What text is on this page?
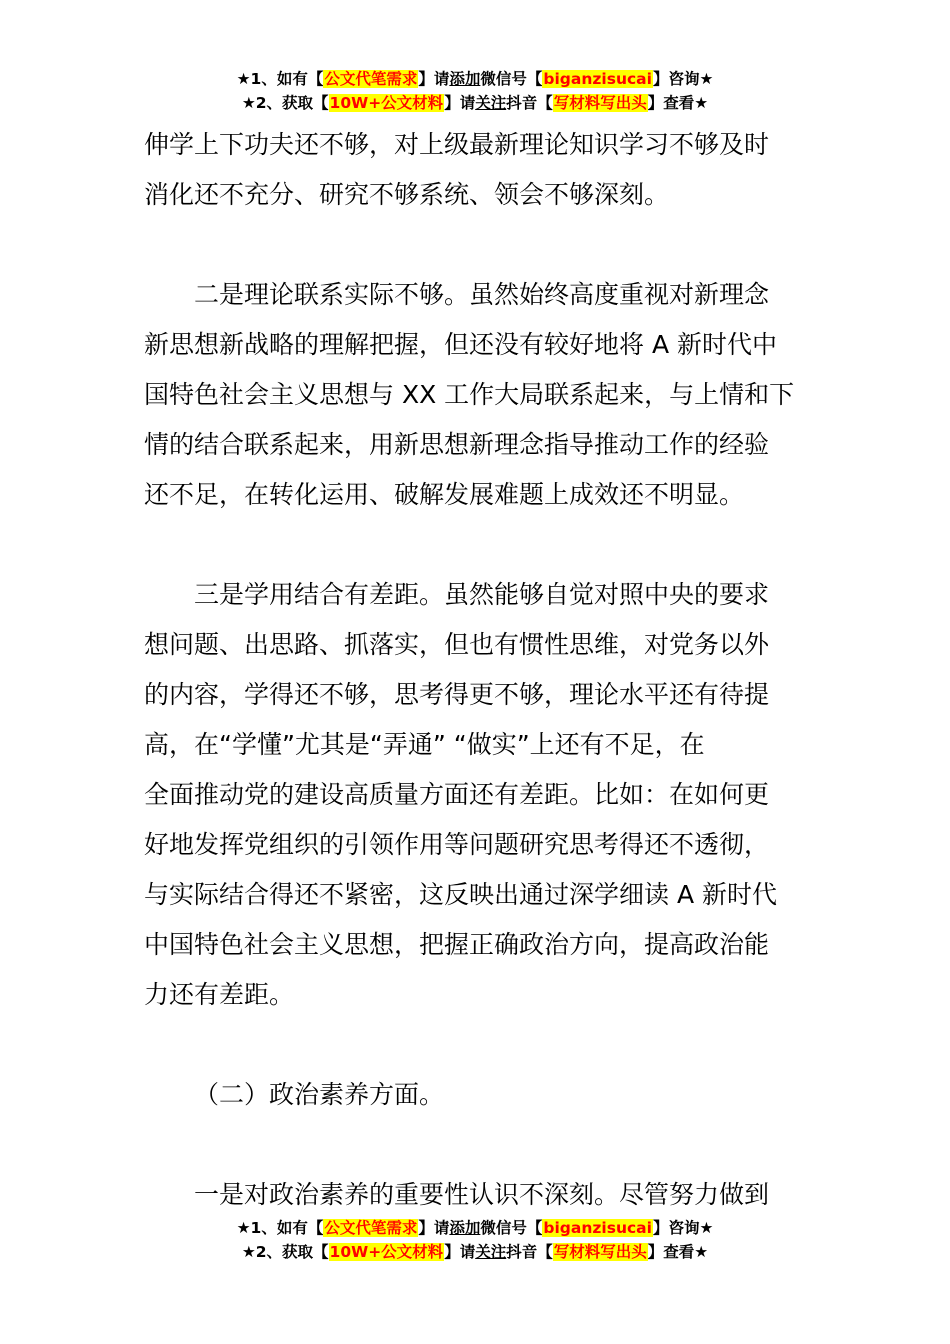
★1、如有【公文代笔需求】请添加微信号【biganzisucai】咨询★
★2、获取【10W+公文材料】请关注抖音【写材料写出头】查看★

伸学上下功夫还不够，对上级最新理论知识学习不够及时
消化还不充分、研究不够系统、领会不够深刻。

二是理论联系实际不够。虽然始终高度重视对新理念
新思想新战略的理解把握，但还没有较好地将 A 新时代中
国特色社会主义思想与 XX 工作大局联系起来，与上情和下
情的结合联系起来，用新思想新理念指导推动工作的经验
还不足，在转化运用、破解发展难题上成效还不明显。

三是学用结合有差距。虽然能够自觉对照中央的要求
想问题、出思路、抓落实，但也有惯性思维，对党务以外
的内容，学得还不够，思考得更不够，理论水平还有待提
高，在“学懂”尤其是“弄通” “做实”上还有不足，在
全面推动党的建设高质量方面还有差距。比如：在如何更
好地发挥党组织的引领作用等问题研究思考得还不透彻，
与实际结合得还不紧密，这反映出通过深学细读 A 新时代
中国特色社会主义思想，把握正确政治方向，提高政治能
力还有差距。

（二）政治素养方面。

一是对政治素养的重要性认识不深刻。尽管努力做到

★1、如有【公文代笔需求】请添加微信号【biganzisucai】咨询★
★2、获取【10W+公文材料】请关注抖音【写材料写出头】查看★
